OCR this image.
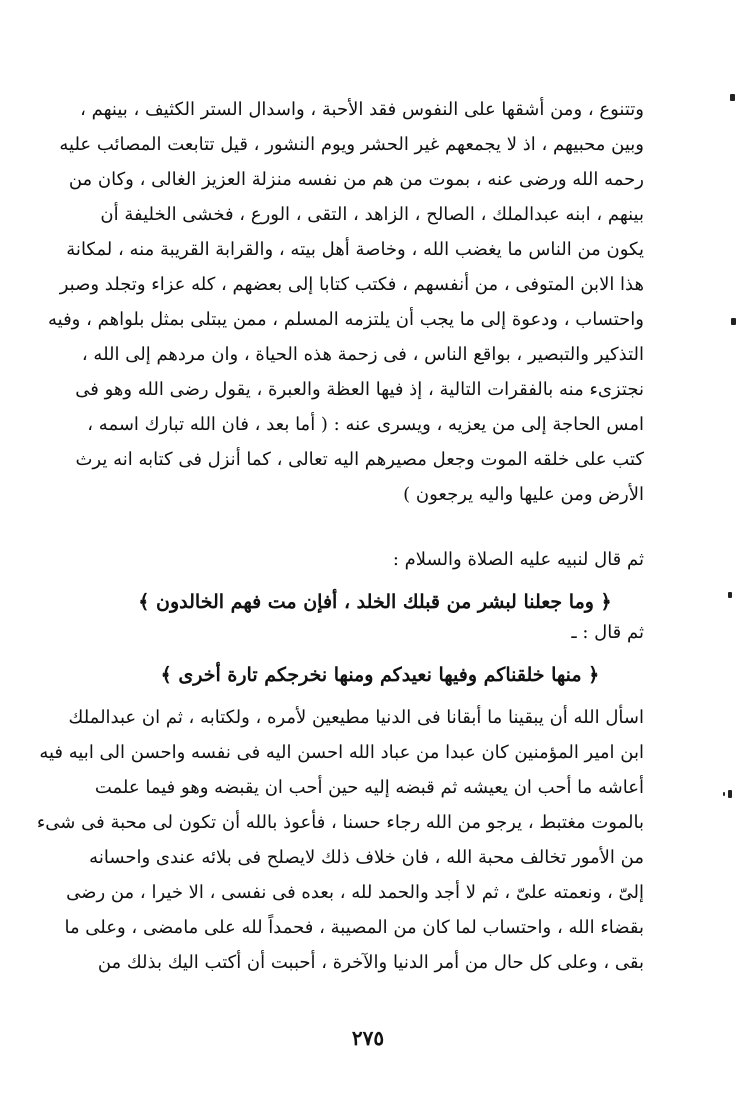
وتتنوع ، ومن أشقها على النفوس فقد الأحبة ، واسدال الستر الكثيف ، بينهم ،
وبين محبيهم ، اذ لا يجمعهم غير الحشر ويوم النشور ، قيل تتابعت المصائب عليه
رحمه الله ورضى عنه ، بموت من هم من نفسه منزلة العزيز الغالى ، وكان من
بينهم ، ابنه عبدالملك ، الصالح ، الزاهد ، التقى ، الورع ، فخشى الخليفة أن
يكون من الناس ما يغضب الله ، وخاصة أهل بيته ، والقرابة القريبة منه ، لمكانة
هذا الابن المتوفى ، من أنفسهم ، فكتب كتابا إلى بعضهم ، كله عزاء وتجلد وصبر
واحتساب ، ودعوة إلى ما يجب أن يلتزمه المسلم ، ممن يبتلى بمثل بلواهم ، وفيه
التذكير والتبصير ، بواقع الناس ، فى زحمة هذه الحياة ، وان مردهم إلى الله ،
نجتزىء منه بالفقرات التالية ، إذ فيها العظة والعبرة ، يقول رضى الله وهو فى
امس الحاجة إلى من يعزيه ، ويسرى عنه : ( أما بعد ، فان الله تبارك اسمه ،
كتب على خلقه الموت وجعل مصيرهم اليه تعالى ، كما أنزل فى كتابه انه يرث
الأرض ومن عليها واليه يرجعون )
ثم قال لنبيه عليه الصلاة والسلام :
﴿ وما جعلنا لبشر من قبلك الخلد ، أفإن مت فهم الخالدون ﴾
ثم قال : ـ
﴿ منها خلقناكم وفيها نعيدكم ومنها نخرجكم تارة أخرى ﴾
اسأل الله أن يبقينا ما أبقانا فى الدنيا مطيعين لأمره ، ولكتابه ، ثم ان عبدالملك
ابن امير المؤمنين كان عبدا من عباد الله احسن اليه فى نفسه واحسن الى ابيه فيه
أعاشه ما أحب ان يعيشه ثم قبضه إليه حين أحب ان يقبضه وهو فيما علمت
بالموت مغتبط ، يرجو من الله رجاء حسنا ، فأعوذ بالله أن تكون لى محبة فى شىء
من الأمور تخالف محبة الله ، فان خلاف ذلك لايصلح فى بلائه عندى واحسانه
إلىّ ، ونعمته علىّ ، ثم لا أجد والحمد لله ، بعده فى نفسى ، الا خيرا ، من رضى
بقضاء الله ، واحتساب لما كان من المصيبة ، فحمداً لله على مامضى ، وعلى ما
بقى ، وعلى كل حال من أمر الدنيا والآخرة ، أحببت أن أكتب اليك بذلك من
٢٧٥
